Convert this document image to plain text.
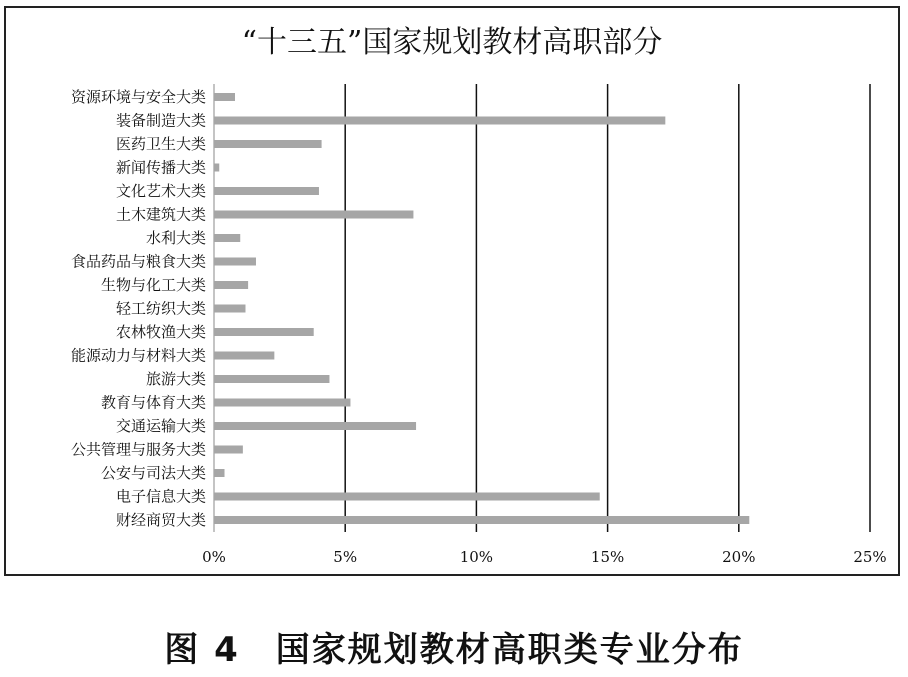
“十三五”国家规划教材高职部分
资源环境与安全大类
装备制造大类
医药卫生大类
新闻传播大类
文化艺术大类
土木建筑大类
水利大类
食品药品与粮食大类
生物与化工大类
轻工纺织大类
农林牧渔大类
能源动力与材料大类
旅游大类
教育与体育大类
交通运输大类
公共管理与服务大类
公安与司法大类
电子信息大类
财经商贸大类
0%	5%	10%	15%	20%	25%
图 4 国家规划教材高职类专业分布
